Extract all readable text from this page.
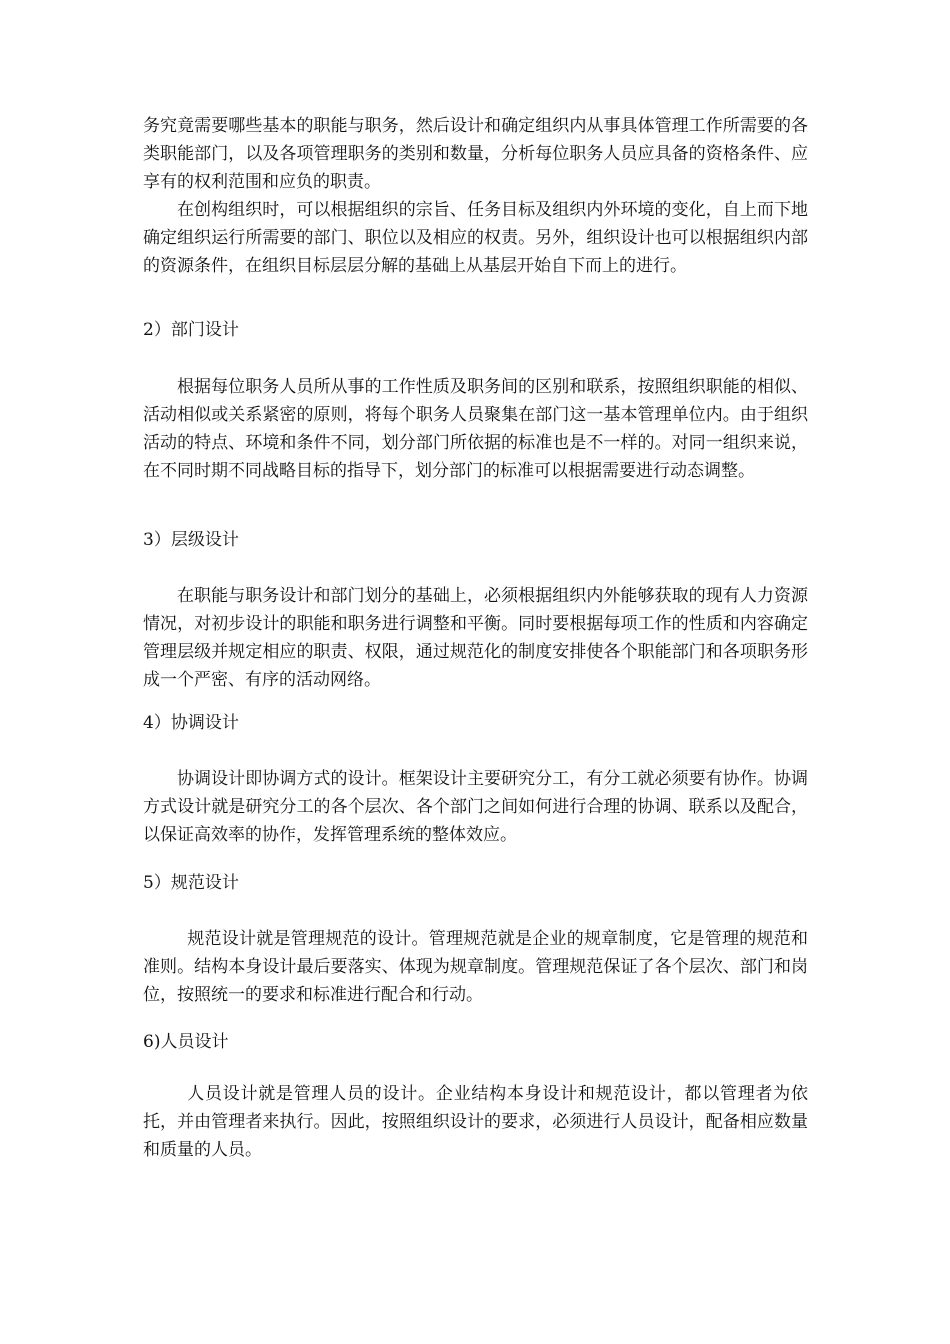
务究竟需要哪些基本的职能与职务，然后设计和确定组织内从事具体管理工作所需要的各类职能部门，以及各项管理职务的类别和数量，分析每位职务人员应具备的资格条件、应享有的权利范围和应负的职责。

在创构组织时，可以根据组织的宗旨、任务目标及组织内外环境的变化，自上而下地确定组织运行所需要的部门、职位以及相应的权责。另外，组织设计也可以根据组织内部的资源条件，在组织目标层层分解的基础上从基层开始自下而上的进行。

2）部门设计

根据每位职务人员所从事的工作性质及职务间的区别和联系，按照组织职能的相似、活动相似或关系紧密的原则，将每个职务人员聚集在部门这一基本管理单位内。由于组织活动的特点、环境和条件不同，划分部门所依据的标准也是不一样的。对同一组织来说，在不同时期不同战略目标的指导下，划分部门的标准可以根据需要进行动态调整。

3）层级设计

在职能与职务设计和部门划分的基础上，必须根据组织内外能够获取的现有人力资源情况，对初步设计的职能和职务进行调整和平衡。同时要根据每项工作的性质和内容确定管理层级并规定相应的职责、权限，通过规范化的制度安排使各个职能部门和各项职务形成一个严密、有序的活动网络。

4）协调设计

协调设计即协调方式的设计。框架设计主要研究分工，有分工就必须要有协作。协调方式设计就是研究分工的各个层次、各个部门之间如何进行合理的协调、联系以及配合，以保证高效率的协作，发挥管理系统的整体效应。

5）规范设计

规范设计就是管理规范的设计。管理规范就是企业的规章制度，它是管理的规范和准则。结构本身设计最后要落实、体现为规章制度。管理规范保证了各个层次、部门和岗位，按照统一的要求和标准进行配合和行动。

6)人员设计

人员设计就是管理人员的设计。企业结构本身设计和规范设计，都以管理者为依托，并由管理者来执行。因此，按照组织设计的要求，必须进行人员设计，配备相应数量和质量的人员。
